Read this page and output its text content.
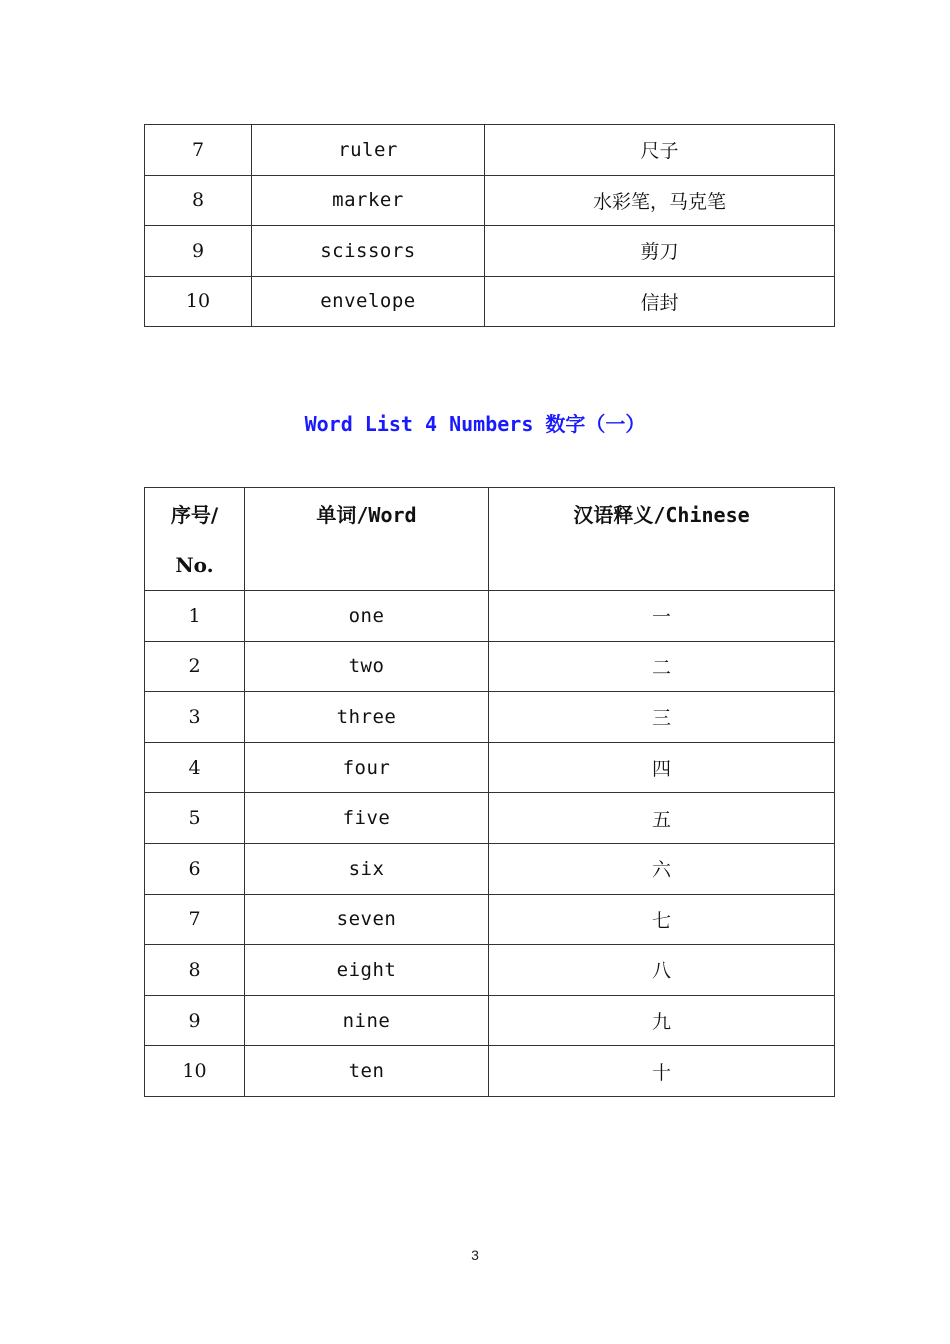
7	ruler	尺子
8	marker	水彩笔，马克笔
9	scissors	剪刀
10	envelope	信封
Word List 4 Numbers 数字（一）
序号/
No.	单词/Word	汉语释义/Chinese
1	one	一
2	two	二
3	three	三
4	four	四
5	five	五
6	six	六
7	seven	七
8	eight	八
9	nine	九
10	ten	十
3
